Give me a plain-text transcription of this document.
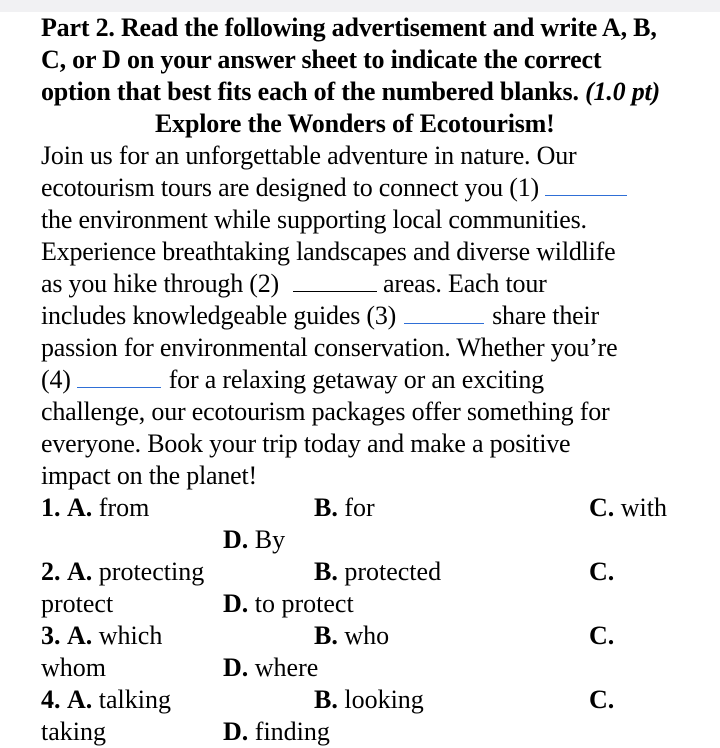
Part 2. Read the following advertisement and write A, B,
C, or D on your answer sheet to indicate the correct
option that best fits each of the numbered blanks. (1.0 pt)
Explore the Wonders of Ecotourism!
Join us for an unforgettable adventure in nature. Our
ecotourism tours are designed to connect you (1)
the environment while supporting local communities.
Experience breathtaking landscapes and diverse wildlife
as you hike through (2)	areas. Each tour
includes knowledgeable guides (3)	share their
passion for environmental conservation. Whether you’re
(4)	for a relaxing getaway or an exciting
challenge, our ecotourism packages offer something for
everyone. Book your trip today and make a positive
impact on the planet!
1. A. from	B. for	C. with
D. By
2. A. protecting	B. protected	C.
protect	D. to protect
3. A. which	B. who	C.
whom	D. where
4. A. talking	B. looking	C.
taking	D. finding
